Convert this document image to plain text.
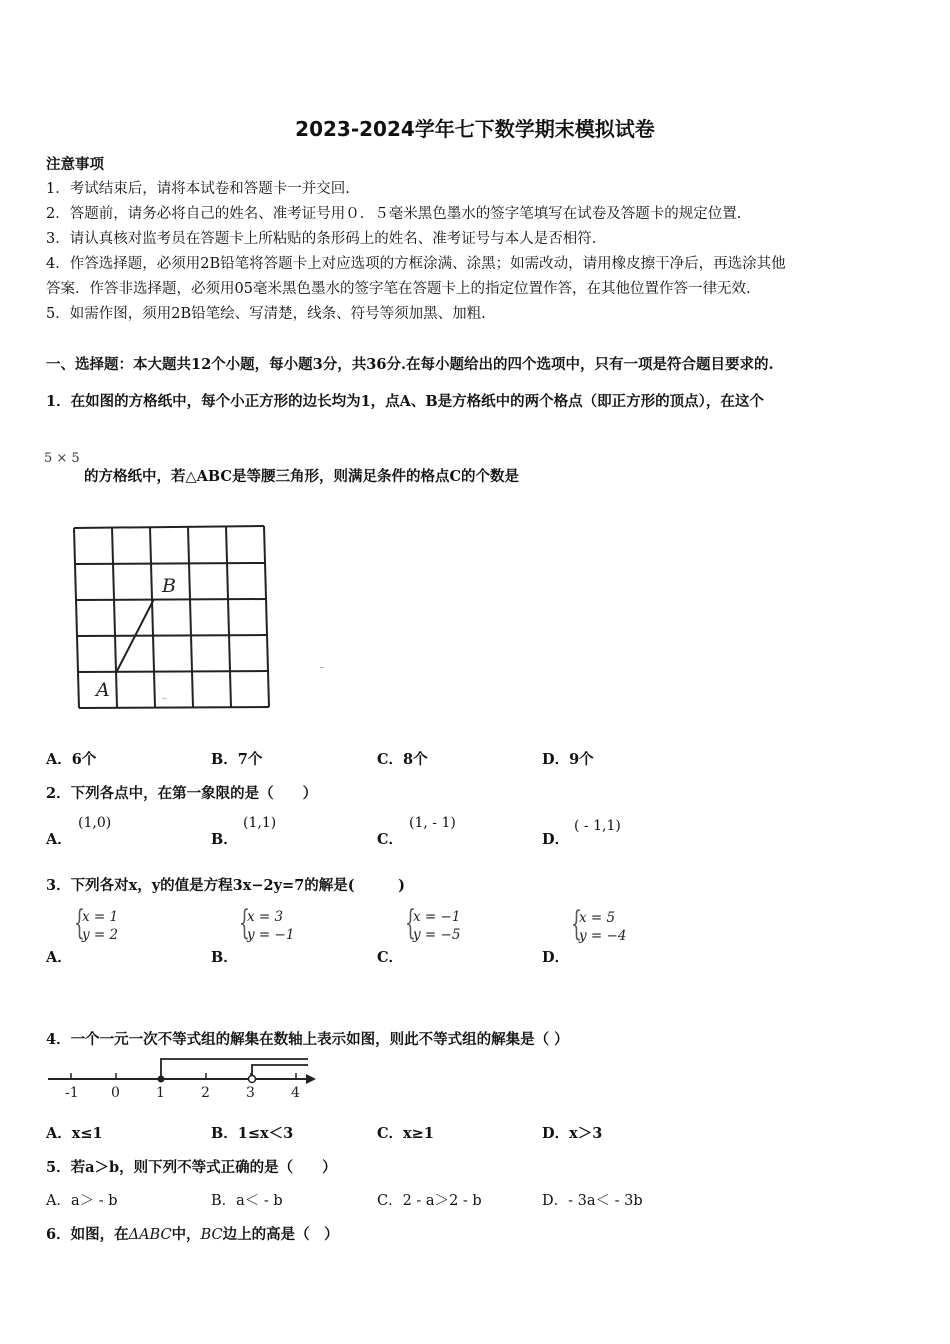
2023-2024学年七下数学期末模拟试卷
注意事项
1．考试结束后，请将本试卷和答题卡一并交回.
2．答题前，请务必将自己的姓名、准考证号用０．５毫米黑色墨水的签字笔填写在试卷及答题卡的规定位置.
3．请认真核对监考员在答题卡上所粘贴的条形码上的姓名、准考证号与本人是否相符.
4．作答选择题，必须用2B铅笔将答题卡上对应选项的方框涂满、涂黑；如需改动，请用橡皮擦干净后，再选涂其他
答案．作答非选择题，必须用05毫米黑色墨水的签字笔在答题卡上的指定位置作答，在其他位置作答一律无效.
5．如需作图，须用2B铅笔绘、写清楚，线条、符号等须加黑、加粗.
一、选择题：本大题共12个小题，每小题3分，共36分.在每小题给出的四个选项中，只有一项是符合题目要求的.
1．在如图的方格纸中，每个小正方形的边长均为1，点A、B是方格纸中的两个格点（即正方形的顶点），在这个
5 × 5
的方格纸中，若△ABC是等腰三角形，则满足条件的格点C的个数是
B
A
A．6个	B．7个	C．8个	D．9个
2．下列各点中，在第一象限的是（　　）
A．
(1,0)
B．
(1,1)
C．
(1, - 1)
D．
( - 1,1)
3．下列各对x，y的值是方程3x−2y=7的解是(　　　)
A．
{
x = 1
y = 2
B．
{
x = 3
y = −1
C．
{
x = −1
y = −5
D．
{
x = 5
y = −4
4．一个一元一次不等式组的解集在数轴上表示如图，则此不等式组的解集是（ ）
-1 0	1	2	3	4
A．x≤1	B．1≤x＜3	C．x≥1	D．x＞3
5．若a＞b，则下列不等式正确的是（　　）
A．a＞ - b	B．a＜ - b	C．2 - a＞2 - b	D．- 3a＜ - 3b
6．如图，在ΔABC中，BC边上的高是（　）
